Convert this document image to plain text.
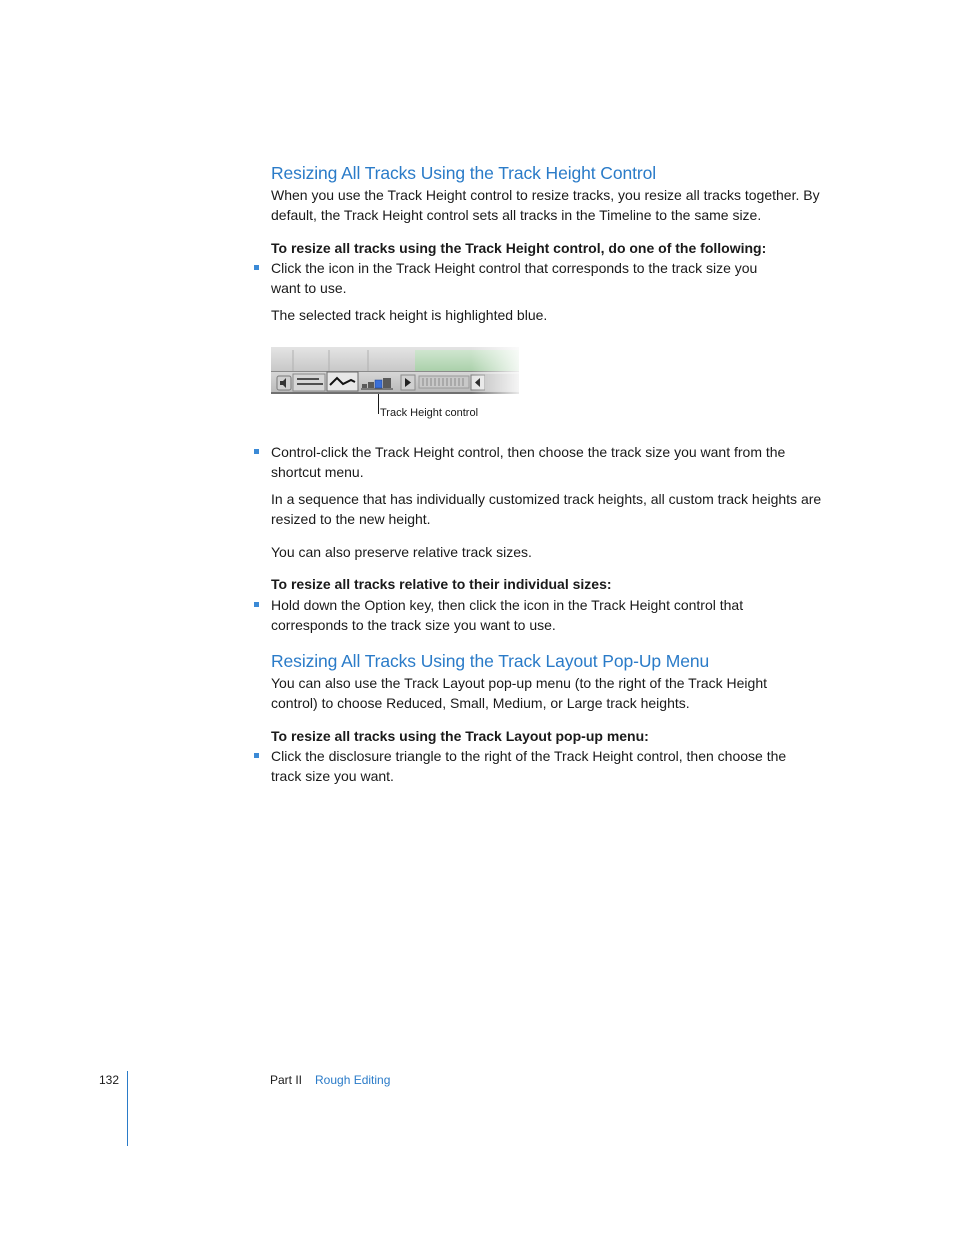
Resizing All Tracks Using the Track Height Control
When you use the Track Height control to resize tracks, you resize all tracks together. By default, the Track Height control sets all tracks in the Timeline to the same size.
To resize all tracks using the Track Height control, do one of the following:
Click the icon in the Track Height control that corresponds to the track size you want to use.
The selected track height is highlighted blue.
Track Height control
Control-click the Track Height control, then choose the track size you want from the shortcut menu.
In a sequence that has individually customized track heights, all custom track heights are resized to the new height.
You can also preserve relative track sizes.
To resize all tracks relative to their individual sizes:
Hold down the Option key, then click the icon in the Track Height control that corresponds to the track size you want to use.
Resizing All Tracks Using the Track Layout Pop-Up Menu
You can also use the Track Layout pop-up menu (to the right of the Track Height control) to choose Reduced, Small, Medium, or Large track heights.
To resize all tracks using the Track Layout pop-up menu:
Click the disclosure triangle to the right of the Track Height control, then choose the track size you want.
132	Part II Rough Editing
